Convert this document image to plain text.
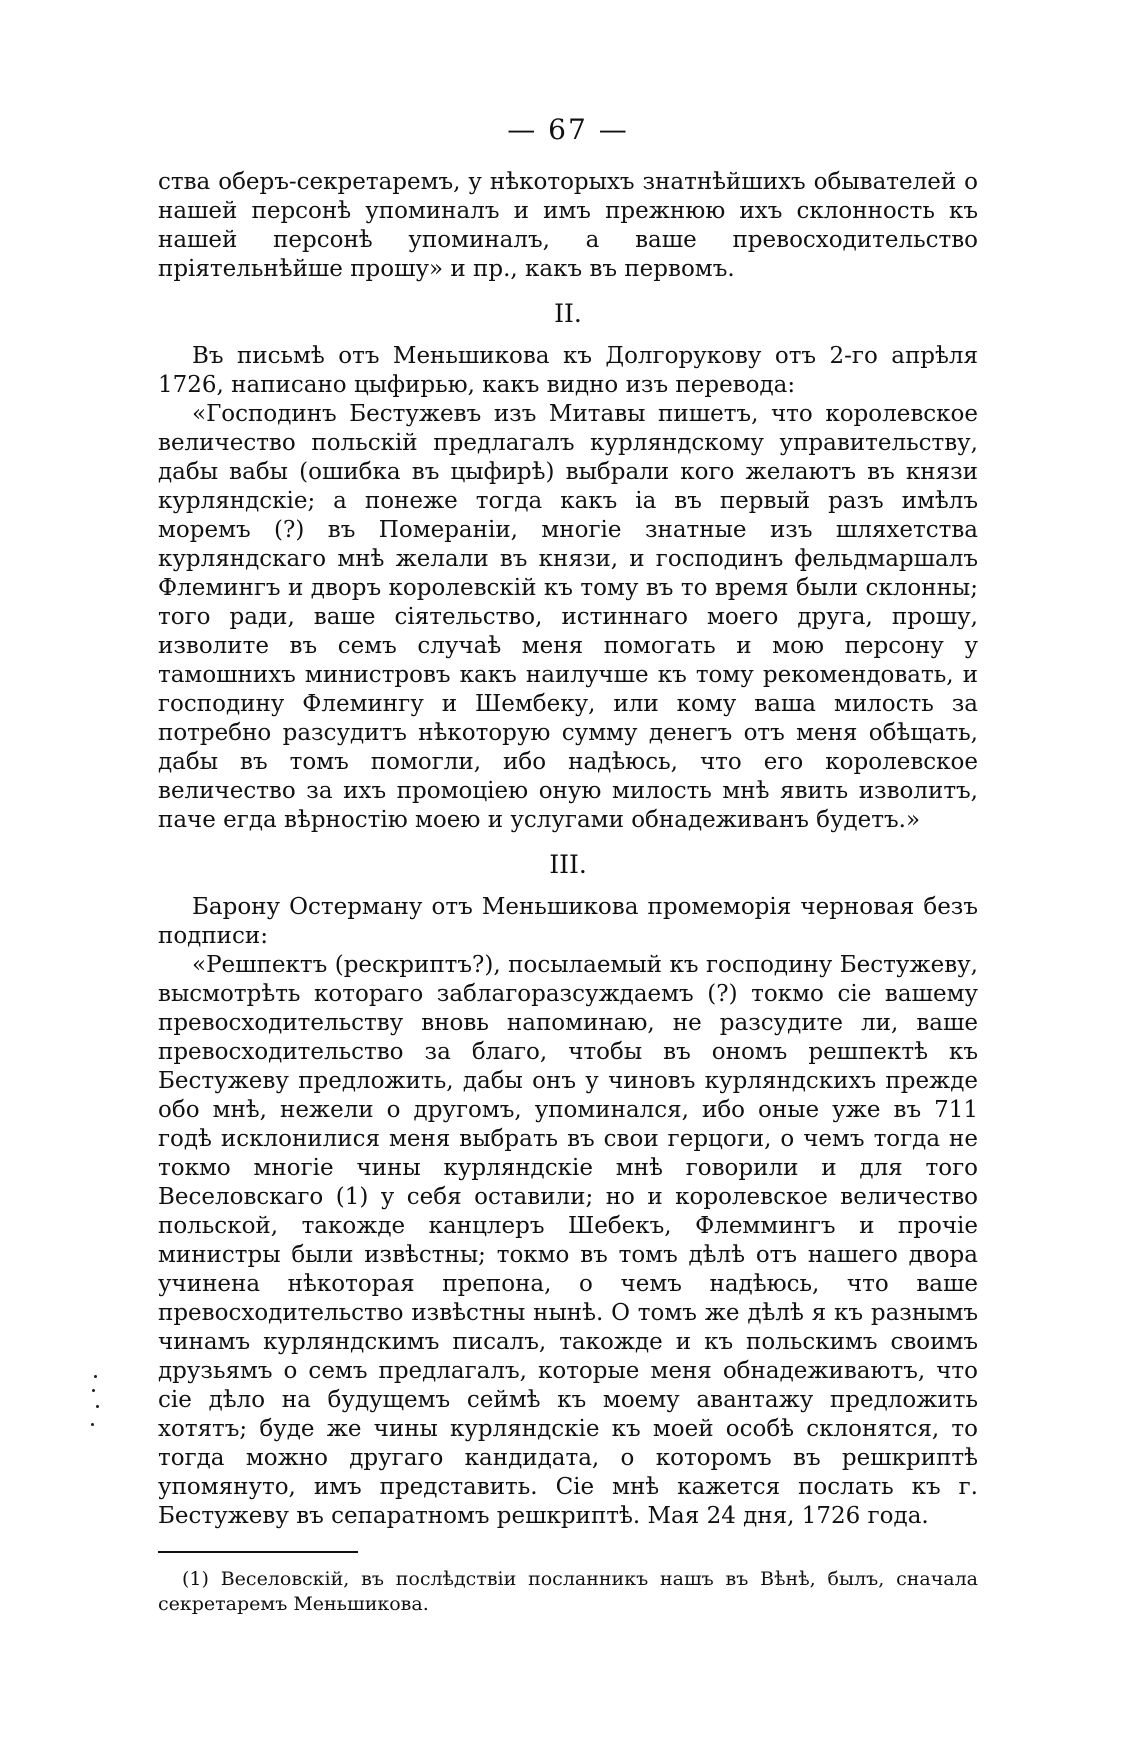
— 67 —

ства оберъ-секретаремъ, у нѣкоторыхъ знатнѣйшихъ обывателей о нашей персонѣ упоминалъ и имъ прежнюю ихъ склонность къ нашей персонѣ упоминалъ, а ваше превосходительство пріятельнѣйше прошу» и пр., какъ въ первомъ.

II.

Въ письмѣ отъ Меньшикова къ Долгорукову отъ 2-го апрѣля 1726, написано цыфирью, какъ видно изъ перевода:

«Господинъ Бестужевъ изъ Митавы пишетъ, что королевское величество польскій предлагалъ курляндскому управительству, дабы вабы (ошибка въ цыфирѣ) выбрали кого желаютъ въ князи курляндскіе; а понеже тогда какъ іа въ первый разъ имѣлъ моремъ (?) въ Помераніи, многіе знатные изъ шляхетства курляндскаго мнѣ желали въ князи, и господинъ фельдмаршалъ Флемингъ и дворъ королевскій къ тому въ то время были склонны; того ради, ваше сіятельство, истиннаго моего друга, прошу, изволите въ семъ случаѣ меня помогать и мою персону у тамошнихъ министровъ какъ наилучше къ тому рекомендовать, и господину Флемингу и Шембеку, или кому ваша милость за потребно разсудитъ нѣкоторую сумму денегъ отъ меня обѣщать, дабы въ томъ помогли, ибо надѣюсь, что его королевское величество за ихъ промоціею оную милость мнѣ явить изволитъ, паче егда вѣрностію моею и услугами обнадеживанъ будетъ.»

III.

Барону Остерману отъ Меньшикова промеморія черновая безъ подписи:

«Решпектъ (рескриптъ?), посылаемый къ господину Бестужеву, высмотрѣть котораго заблагоразсуждаемъ (?) токмо сіе вашему превосходительству вновь напоминаю, не разсудите ли, ваше превосходительство за благо, чтобы въ ономъ решпектѣ къ Бестужеву предложить, дабы онъ у чиновъ курляндскихъ прежде обо мнѣ, нежели о другомъ, упоминался, ибо оные уже въ 711 годѣ исклонилися меня выбрать въ свои герцоги, о чемъ тогда не токмо многіе чины курляндскіе мнѣ говорили и для того Веселовскаго (1) у себя оставили; но и королевское величество польской, такожде канцлеръ Шебекъ, Флеммингъ и прочіе министры были извѣстны; токмо въ томъ дѣлѣ отъ нашего двора учинена нѣкоторая препона, о чемъ надѣюсь, что ваше превосходительство извѣстны нынѣ. О томъ же дѣлѣ я къ разнымъ чинамъ курляндскимъ писалъ, такожде и къ польскимъ своимъ друзьямъ о семъ предлагалъ, которые меня обнадеживаютъ, что сіе дѣло на будущемъ сеймѣ къ моему авантажу предложить хотятъ; буде же чины курляндскіе къ моей особѣ склонятся, то тогда можно другаго кандидата, о которомъ въ решкриптѣ упомянуто, имъ представить. Сіе мнѣ кажется послать къ г. Бестужеву въ сепаратномъ решкриптѣ. Мая 24 дня, 1726 года.

(1) Веселовскій, въ послѣдствіи посланникъ нашъ въ Вѣнѣ, былъ, сначала секретаремъ Меньшикова.
